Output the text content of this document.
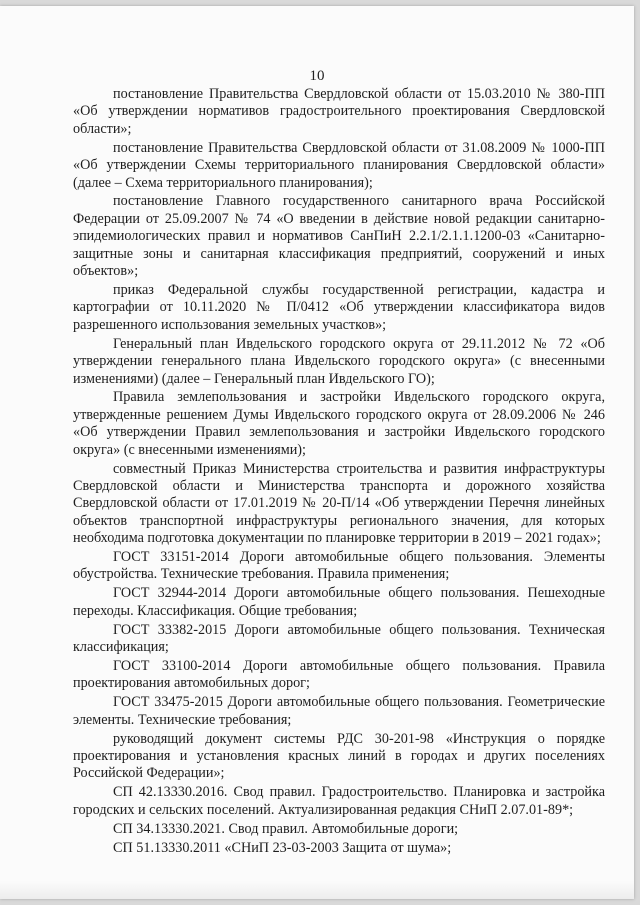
10

постановление Правительства Свердловской области от 15.03.2010 № 380-ПП «Об утверждении нормативов градостроительного проектирования Свердловской области»;

постановление Правительства Свердловской области от 31.08.2009 № 1000-ПП «Об утверждении Схемы территориального планирования Свердловской области» (далее – Схема территориального планирования);

постановление Главного государственного санитарного врача Российской Федерации от 25.09.2007 № 74 «О введении в действие новой редакции санитарно-эпидемиологических правил и нормативов СанПиН 2.2.1/2.1.1.1200-03 «Санитарно-защитные зоны и санитарная классификация предприятий, сооружений и иных объектов»;

приказ Федеральной службы государственной регистрации, кадастра и картографии от 10.11.2020 № П/0412 «Об утверждении классификатора видов разрешенного использования земельных участков»;

Генеральный план Ивдельского городского округа от 29.11.2012 № 72 «Об утверждении генерального плана Ивдельского городского округа» (с внесенными изменениями) (далее – Генеральный план Ивдельского ГО);

Правила землепользования и застройки Ивдельского городского округа, утвержденные решением Думы Ивдельского городского округа от 28.09.2006 № 246 «Об утверждении Правил землепользования и застройки Ивдельского городского округа» (с внесенными изменениями);

совместный Приказ Министерства строительства и развития инфраструктуры Свердловской области и Министерства транспорта и дорожного хозяйства Свердловской области от 17.01.2019 № 20-П/14 «Об утверждении Перечня линейных объектов транспортной инфраструктуры регионального значения, для которых необходима подготовка документации по планировке территории в 2019 – 2021 годах»;

ГОСТ 33151-2014 Дороги автомобильные общего пользования. Элементы обустройства. Технические требования. Правила применения;

ГОСТ 32944-2014 Дороги автомобильные общего пользования. Пешеходные переходы. Классификация. Общие требования;

ГОСТ 33382-2015 Дороги автомобильные общего пользования. Техническая классификация;

ГОСТ 33100-2014 Дороги автомобильные общего пользования. Правила проектирования автомобильных дорог;

ГОСТ 33475-2015 Дороги автомобильные общего пользования. Геометрические элементы. Технические требования;

руководящий документ системы РДС 30-201-98 «Инструкция о порядке проектирования и установления красных линий в городах и других поселениях Российской Федерации»;

СП 42.13330.2016. Свод правил. Градостроительство. Планировка и застройка городских и сельских поселений. Актуализированная редакция СНиП 2.07.01-89*;

СП 34.13330.2021. Свод правил. Автомобильные дороги;

СП 51.13330.2011 «СНиП 23-03-2003 Защита от шума»;
